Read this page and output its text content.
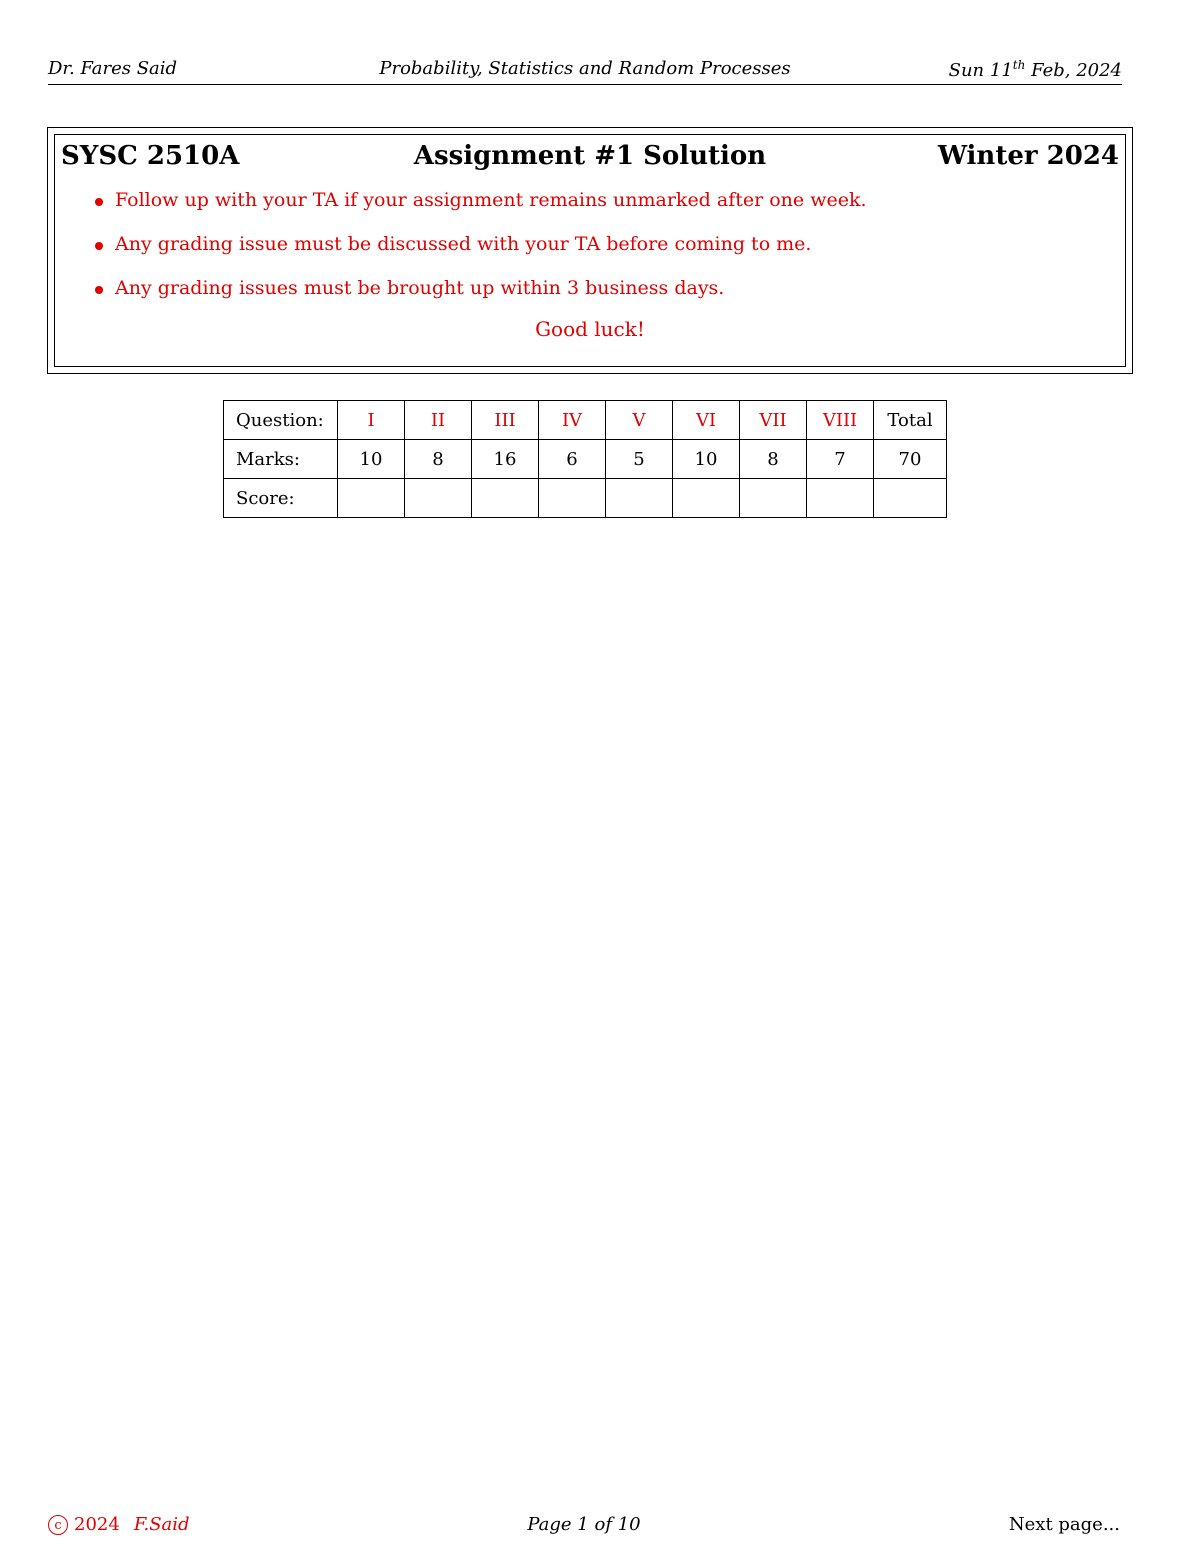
Dr. Fares Said	Probability, Statistics and Random Processes	Sun 11th Feb, 2024
SYSC 2510A	Assignment #1 Solution	Winter 2024
Follow up with your TA if your assignment remains unmarked after one week.
Any grading issue must be discussed with your TA before coming to me.
Any grading issues must be brought up within 3 business days.
Good luck!
Question:	I	II	III	IV	V	VI	VII	VIII	Total
Marks:	10	8	16	6	5	10	8	7	70
Score:									
c 2024 F.Said	Page 1 of 10	Next page...
